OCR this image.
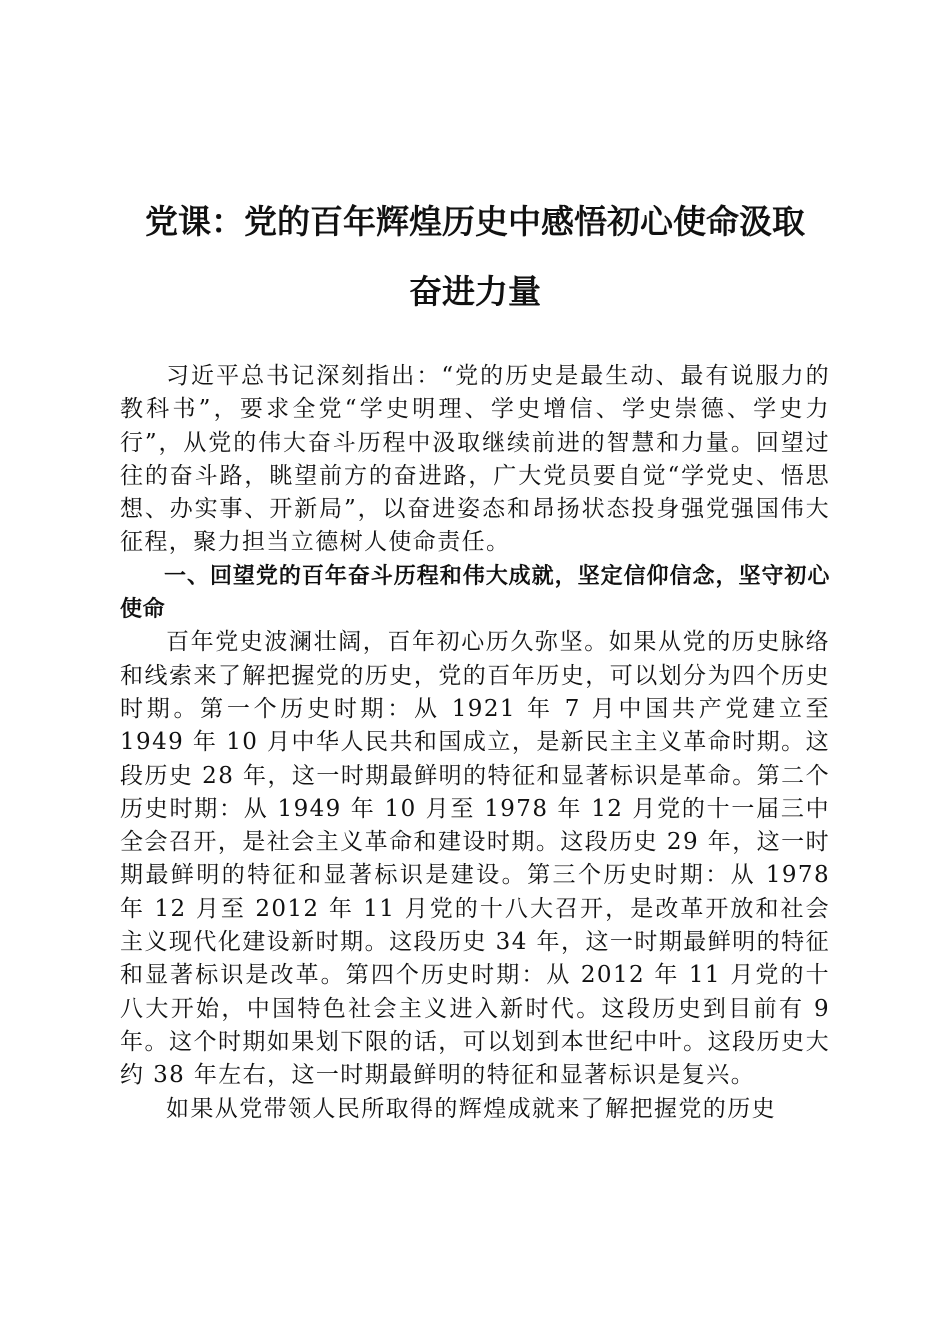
党课：党的百年辉煌历史中感悟初心使命汲取
奋进力量

习近平总书记深刻指出：“党的历史是最生动、最有说服力的教科书”，要求全党“学史明理、学史增信、学史崇德、学史力行”，从党的伟大奋斗历程中汲取继续前进的智慧和力量。回望过往的奋斗路，眺望前方的奋进路，广大党员要自觉“学党史、悟思想、办实事、开新局”，以奋进姿态和昂扬状态投身强党强国伟大征程，聚力担当立德树人使命责任。

一、回望党的百年奋斗历程和伟大成就，坚定信仰信念，坚守初心使命

百年党史波澜壮阔，百年初心历久弥坚。如果从党的历史脉络和线索来了解把握党的历史，党的百年历史，可以划分为四个历史时期。第一个历史时期：从 1921 年 7 月中国共产党建立至 1949 年 10 月中华人民共和国成立，是新民主主义革命时期。这段历史 28 年，这一时期最鲜明的特征和显著标识是革命。第二个历史时期：从 1949 年 10 月至 1978 年 12 月党的十一届三中全会召开，是社会主义革命和建设时期。这段历史 29 年，这一时期最鲜明的特征和显著标识是建设。第三个历史时期：从 1978 年 12 月至 2012 年 11 月党的十八大召开，是改革开放和社会主义现代化建设新时期。这段历史 34 年，这一时期最鲜明的特征和显著标识是改革。第四个历史时期：从 2012 年 11 月党的十八大开始，中国特色社会主义进入新时代。这段历史到目前有 9 年。这个时期如果划下限的话，可以划到本世纪中叶。这段历史大约 38 年左右，这一时期最鲜明的特征和显著标识是复兴。

如果从党带领人民所取得的辉煌成就来了解把握党的历史
